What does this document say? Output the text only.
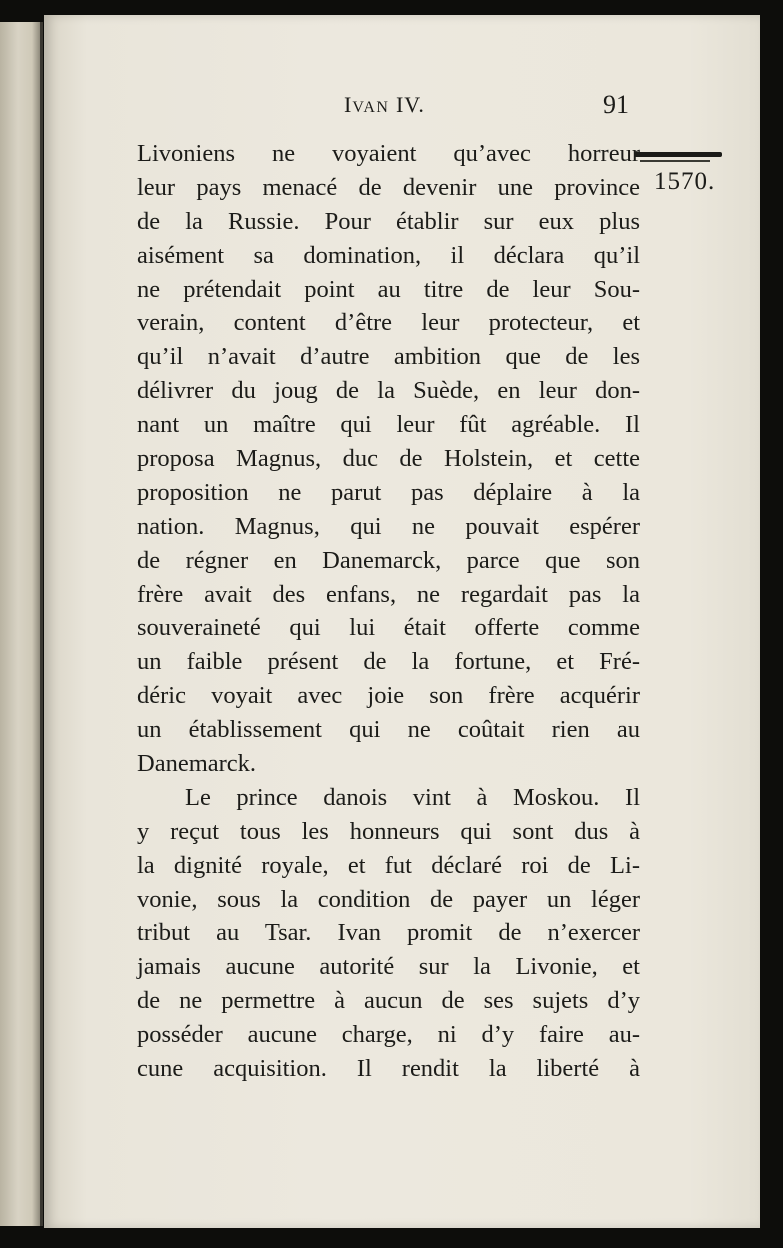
IVAN IV.	91
1570.
Livoniens ne voyaient qu’avec horreur
leur pays menacé de devenir une province
de la Russie. Pour établir sur eux plus
aisément sa domination, il déclara qu’il
ne prétendait point au titre de leur Sou-
verain, content d’être leur protecteur, et
qu’il n’avait d’autre ambition que de les
délivrer du joug de la Suède, en leur don-
nant un maître qui leur fût agréable. Il
proposa Magnus, duc de Holstein, et cette
proposition ne parut pas déplaire à la
nation. Magnus, qui ne pouvait espérer
de régner en Danemarck, parce que son
frère avait des enfans, ne regardait pas la
souveraineté qui lui était offerte comme
un faible présent de la fortune, et Fré-
déric voyait avec joie son frère acquérir
un établissement qui ne coûtait rien au
Danemarck.
Le prince danois vint à Moskou. Il
y reçut tous les honneurs qui sont dus à
la dignité royale, et fut déclaré roi de Li-
vonie, sous la condition de payer un léger
tribut au Tsar. Ivan promit de n’exercer
jamais aucune autorité sur la Livonie, et
de ne permettre à aucun de ses sujets d’y
posséder aucune charge, ni d’y faire au-
cune acquisition. Il rendit la liberté à
